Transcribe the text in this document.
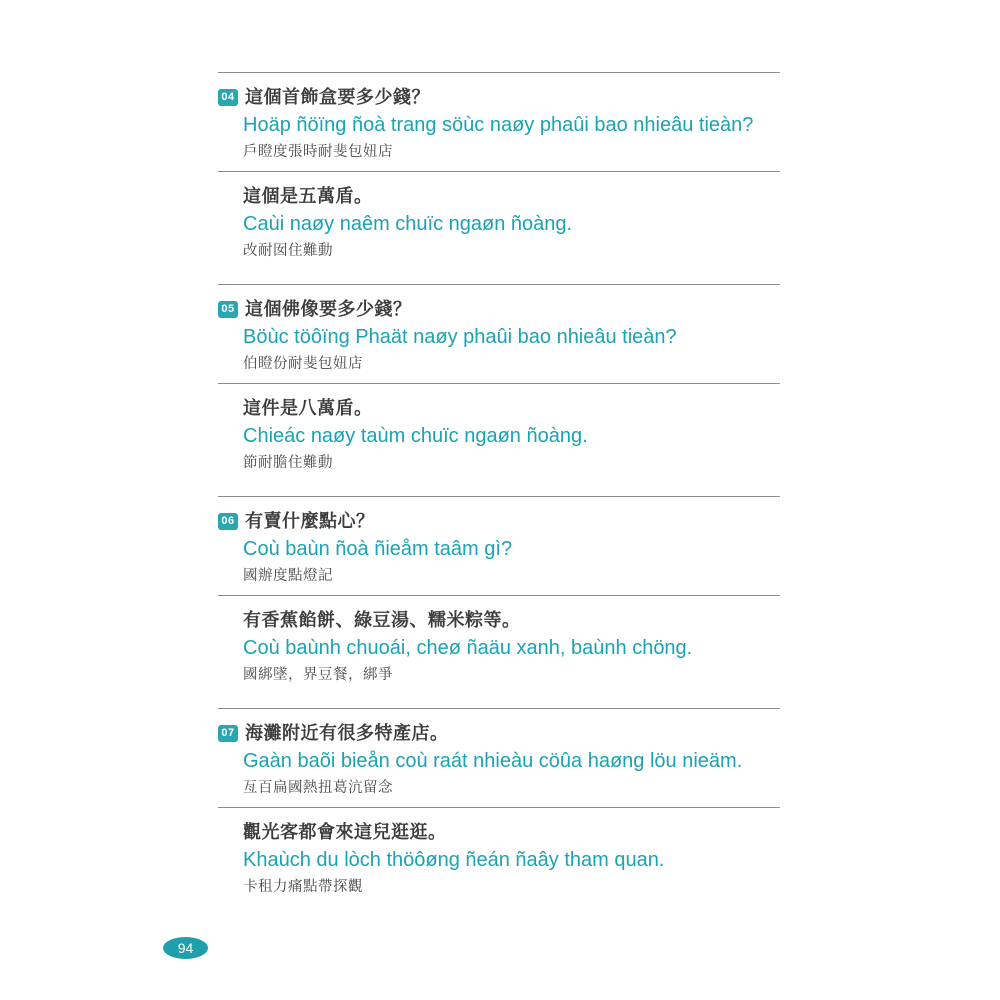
04 這個首飾盒要多少錢？
Hoäp ñöïng ñoà trang söùc naøy phaûi bao nhieâu tieàn?
戶瞪度張時耐斐包妞店
這個是五萬盾。
Caùi naøy naêm chuïc ngaøn ñoàng.
改耐囡住難動
05 這個佛像要多少錢？
Böùc töôïng Phaät naøy phaûi bao nhieâu tieàn?
伯瞪份耐斐包妞店
這件是八萬盾。
Chieác naøy taùm chuïc ngaøn ñoàng.
節耐膽住難動
06 有賣什麼點心？
Coù baùn ñoà ñieåm taâm gì?
國辦度點燈記
有香蕉餡餅、綠豆湯、糯米粽等。
Coù baùnh chuoái, cheø ñaäu xanh, baùnh chöng.
國綁墜，界豆餐，綁爭
07 海灘附近有很多特產店。
Gaàn baõi bieån coù raát nhieàu cöûa haøng löu nieäm.
亙百扁國熱扭葛沆留念
觀光客都會來這兒逛逛。
Khaùch du lòch thöôøng ñeán ñaây tham quan.
卡租力痛點帶探觀
94
